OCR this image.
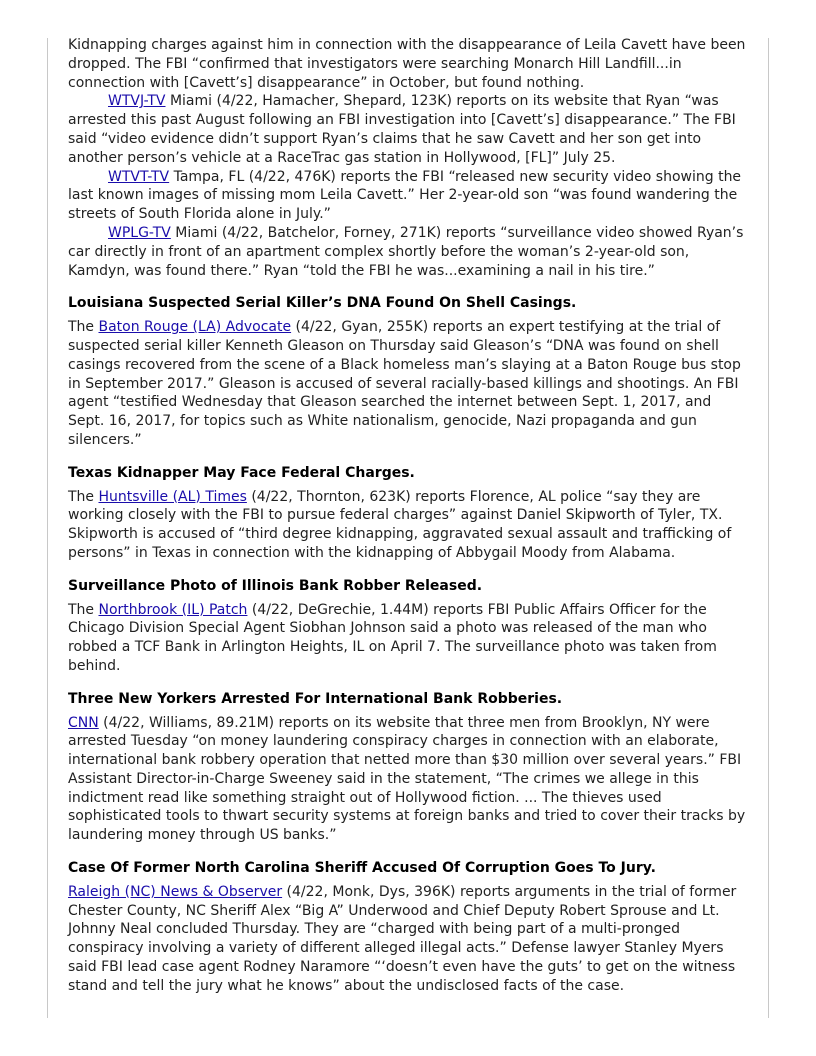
Kidnapping charges against him in connection with the disappearance of Leila Cavett have been dropped. The FBI “confirmed that investigators were searching Monarch Hill Landfill...in connection with [Cavett’s] disappearance” in October, but found nothing.

WTVJ-TV Miami (4/22, Hamacher, Shepard, 123K) reports on its website that Ryan “was arrested this past August following an FBI investigation into [Cavett’s] disappearance.” The FBI said “video evidence didn’t support Ryan’s claims that he saw Cavett and her son get into another person’s vehicle at a RaceTrac gas station in Hollywood, [FL]” July 25.

WTVT-TV Tampa, FL (4/22, 476K) reports the FBI “released new security video showing the last known images of missing mom Leila Cavett.” Her 2-year-old son “was found wandering the streets of South Florida alone in July.”

WPLG-TV Miami (4/22, Batchelor, Forney, 271K) reports “surveillance video showed Ryan’s car directly in front of an apartment complex shortly before the woman’s 2-year-old son, Kamdyn, was found there.” Ryan “told the FBI he was...examining a nail in his tire.”

Louisiana Suspected Serial Killer’s DNA Found On Shell Casings.

The Baton Rouge (LA) Advocate (4/22, Gyan, 255K) reports an expert testifying at the trial of suspected serial killer Kenneth Gleason on Thursday said Gleason’s “DNA was found on shell casings recovered from the scene of a Black homeless man’s slaying at a Baton Rouge bus stop in September 2017.” Gleason is accused of several racially-based killings and shootings. An FBI agent “testified Wednesday that Gleason searched the internet between Sept. 1, 2017, and Sept. 16, 2017, for topics such as White nationalism, genocide, Nazi propaganda and gun silencers.”

Texas Kidnapper May Face Federal Charges.

The Huntsville (AL) Times (4/22, Thornton, 623K) reports Florence, AL police “say they are working closely with the FBI to pursue federal charges” against Daniel Skipworth of Tyler, TX. Skipworth is accused of “third degree kidnapping, aggravated sexual assault and trafficking of persons” in Texas in connection with the kidnapping of Abbygail Moody from Alabama.

Surveillance Photo of Illinois Bank Robber Released.

The Northbrook (IL) Patch (4/22, DeGrechie, 1.44M) reports FBI Public Affairs Officer for the Chicago Division Special Agent Siobhan Johnson said a photo was released of the man who robbed a TCF Bank in Arlington Heights, IL on April 7. The surveillance photo was taken from behind.

Three New Yorkers Arrested For International Bank Robberies.

CNN (4/22, Williams, 89.21M) reports on its website that three men from Brooklyn, NY were arrested Tuesday “on money laundering conspiracy charges in connection with an elaborate, international bank robbery operation that netted more than $30 million over several years.” FBI Assistant Director-in-Charge Sweeney said in the statement, “The crimes we allege in this indictment read like something straight out of Hollywood fiction. ... The thieves used sophisticated tools to thwart security systems at foreign banks and tried to cover their tracks by laundering money through US banks.”

Case Of Former North Carolina Sheriff Accused Of Corruption Goes To Jury.

Raleigh (NC) News & Observer (4/22, Monk, Dys, 396K) reports arguments in the trial of former Chester County, NC Sheriff Alex “Big A” Underwood and Chief Deputy Robert Sprouse and Lt. Johnny Neal concluded Thursday. They are “charged with being part of a multi-pronged conspiracy involving a variety of different alleged illegal acts.” Defense lawyer Stanley Myers said FBI lead case agent Rodney Naramore “‘doesn’t even have the guts’ to get on the witness stand and tell the jury what he knows” about the undisclosed facts of the case.
